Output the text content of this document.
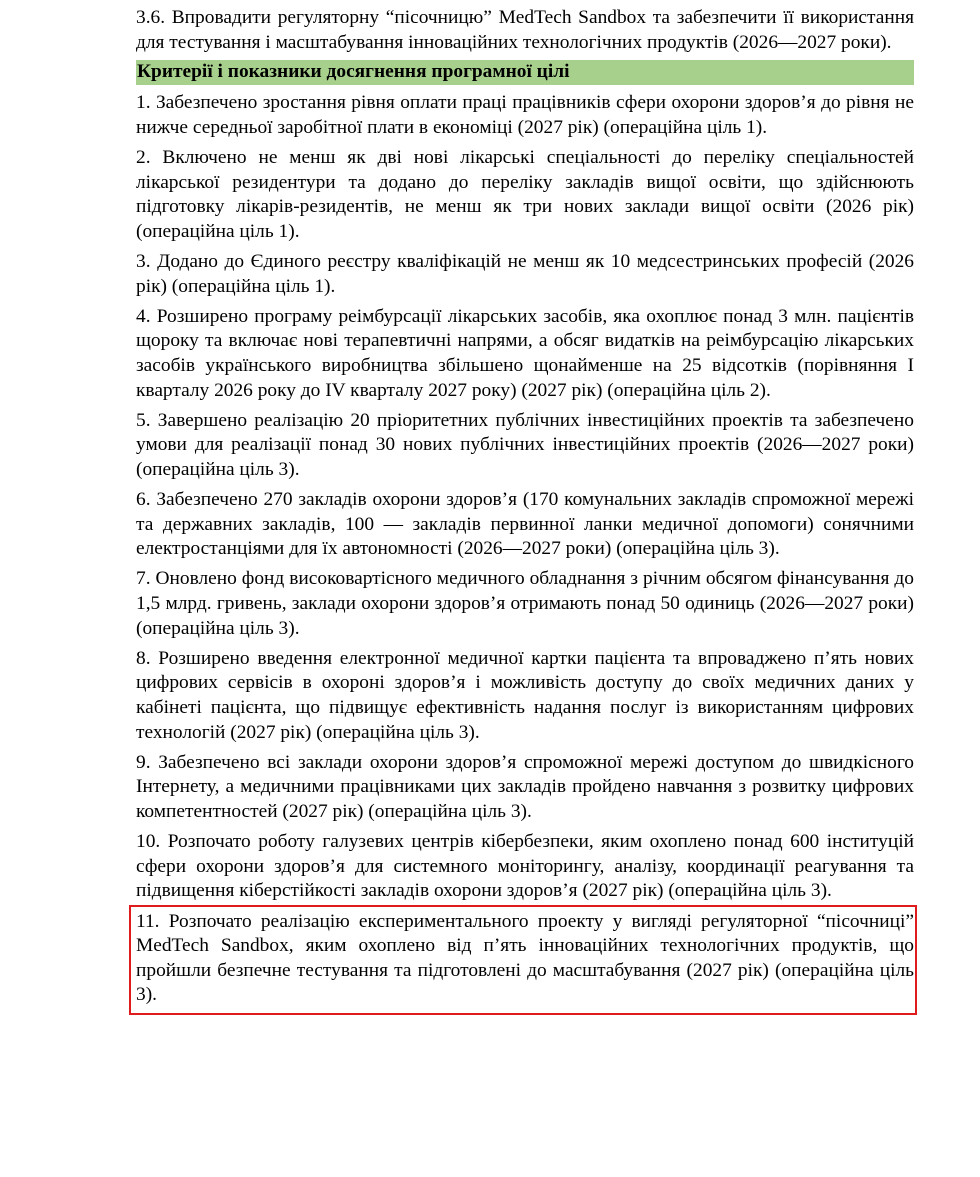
3.6. Впровадити регуляторну “пісочницю” MedTech Sandbox та забезпечити її використання для тестування і масштабування інноваційних технологічних продуктів (2026—2027 роки).

Критерії і показники досягнення програмної цілі

1. Забезпечено зростання рівня оплати праці працівників сфери охорони здоров’я до рівня не нижче середньої заробітної плати в економіці (2027 рік) (операційна ціль 1).

2. Включено не менш як дві нові лікарські спеціальності до переліку спеціальностей лікарської резидентури та додано до переліку закладів вищої освіти, що здійснюють підготовку лікарів-резидентів, не менш як три нових заклади вищої освіти (2026 рік) (операційна ціль 1).

3. Додано до Єдиного реєстру кваліфікацій не менш як 10 медсестринських професій (2026 рік) (операційна ціль 1).

4. Розширено програму реімбурсації лікарських засобів, яка охоплює понад 3 млн. пацієнтів щороку та включає нові терапевтичні напрями, а обсяг видатків на реімбурсацію лікарських засобів українського виробництва збільшено щонайменше на 25 відсотків (порівняння I кварталу 2026 року до IV кварталу 2027 року) (2027 рік) (операційна ціль 2).

5. Завершено реалізацію 20 пріоритетних публічних інвестиційних проектів та забезпечено умови для реалізації понад 30 нових публічних інвестиційних проектів (2026—2027 роки) (операційна ціль 3).

6. Забезпечено 270 закладів охорони здоров’я (170 комунальних закладів спроможної мережі та державних закладів, 100 — закладів первинної ланки медичної допомоги) сонячними електростанціями для їх автономності (2026—2027 роки) (операційна ціль 3).

7. Оновлено фонд високовартісного медичного обладнання з річним обсягом фінансування до 1,5 млрд. гривень, заклади охорони здоров’я отримають понад 50 одиниць (2026—2027 роки) (операційна ціль 3).

8. Розширено введення електронної медичної картки пацієнта та впроваджено п’ять нових цифрових сервісів в охороні здоров’я і можливість доступу до своїх медичних даних у кабінеті пацієнта, що підвищує ефективність надання послуг із використанням цифрових технологій (2027 рік) (операційна ціль 3).

9. Забезпечено всі заклади охорони здоров’я спроможної мережі доступом до швидкісного Інтернету, а медичними працівниками цих закладів пройдено навчання з розвитку цифрових компетентностей (2027 рік) (операційна ціль 3).

10. Розпочато роботу галузевих центрів кібербезпеки, яким охоплено понад 600 інституцій сфери охорони здоров’я для системного моніторингу, аналізу, координації реагування та підвищення кіберстійкості закладів охорони здоров’я (2027 рік) (операційна ціль 3).

11. Розпочато реалізацію експериментального проекту у вигляді регуляторної “пісочниці” MedTech Sandbox, яким охоплено від п’ять інноваційних технологічних продуктів, що пройшли безпечне тестування та підготовлені до масштабування (2027 рік) (операційна ціль 3).
